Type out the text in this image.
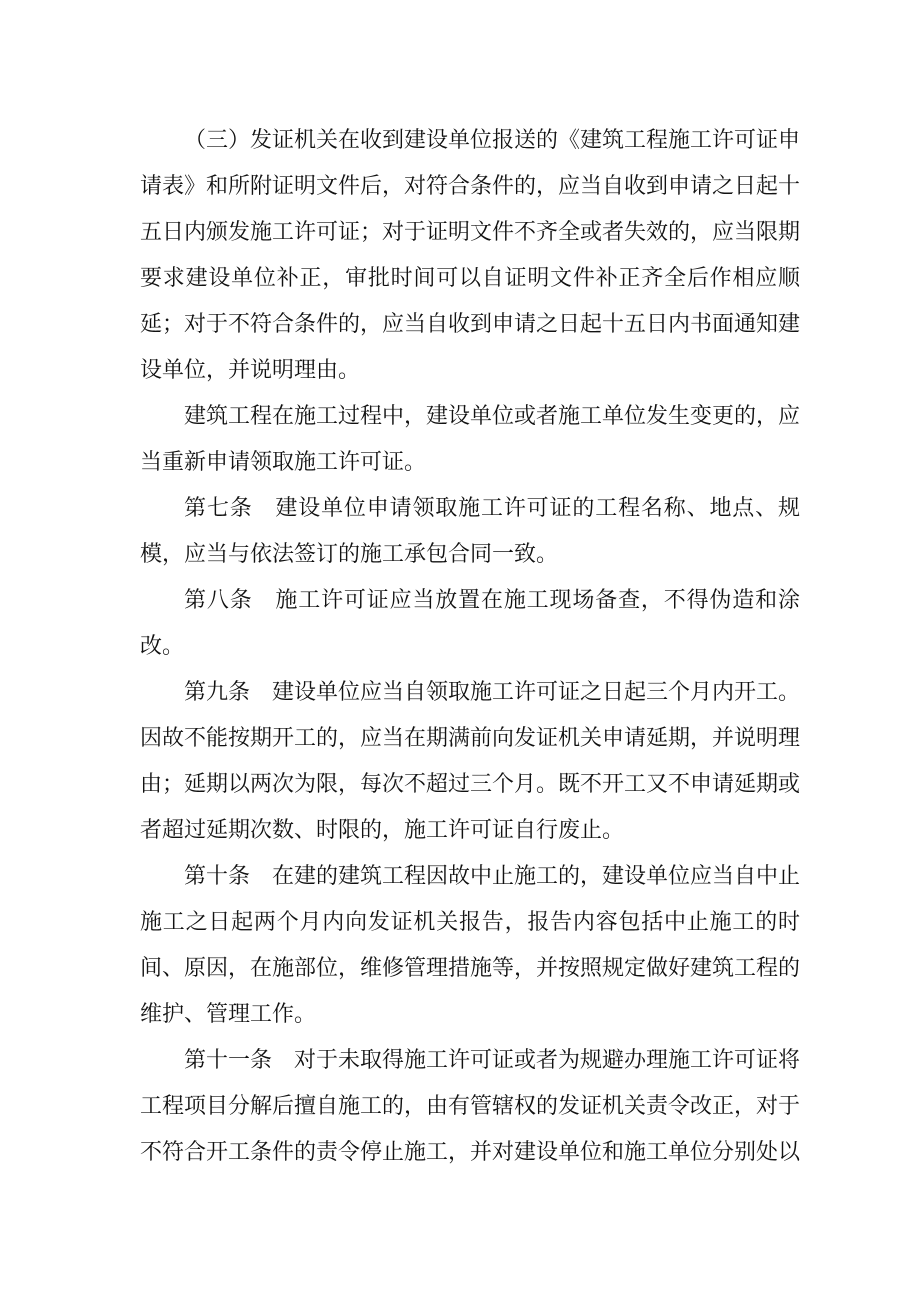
（三）发证机关在收到建设单位报送的《建筑工程施工许可证申请表》和所附证明文件后，对符合条件的，应当自收到申请之日起十五日内颁发施工许可证；对于证明文件不齐全或者失效的，应当限期要求建设单位补正，审批时间可以自证明文件补正齐全后作相应顺延；对于不符合条件的，应当自收到申请之日起十五日内书面通知建设单位，并说明理由。

建筑工程在施工过程中，建设单位或者施工单位发生变更的，应当重新申请领取施工许可证。

第七条　建设单位申请领取施工许可证的工程名称、地点、规模，应当与依法签订的施工承包合同一致。

第八条　施工许可证应当放置在施工现场备查，不得伪造和涂改。

第九条　建设单位应当自领取施工许可证之日起三个月内开工。因故不能按期开工的，应当在期满前向发证机关申请延期，并说明理由；延期以两次为限，每次不超过三个月。既不开工又不申请延期或者超过延期次数、时限的，施工许可证自行废止。

第十条　在建的建筑工程因故中止施工的，建设单位应当自中止施工之日起两个月内向发证机关报告，报告内容包括中止施工的时间、原因，在施部位，维修管理措施等，并按照规定做好建筑工程的维护、管理工作。

第十一条　对于未取得施工许可证或者为规避办理施工许可证将工程项目分解后擅自施工的，由有管辖权的发证机关责令改正，对于不符合开工条件的责令停止施工，并对建设单位和施工单位分别处以
